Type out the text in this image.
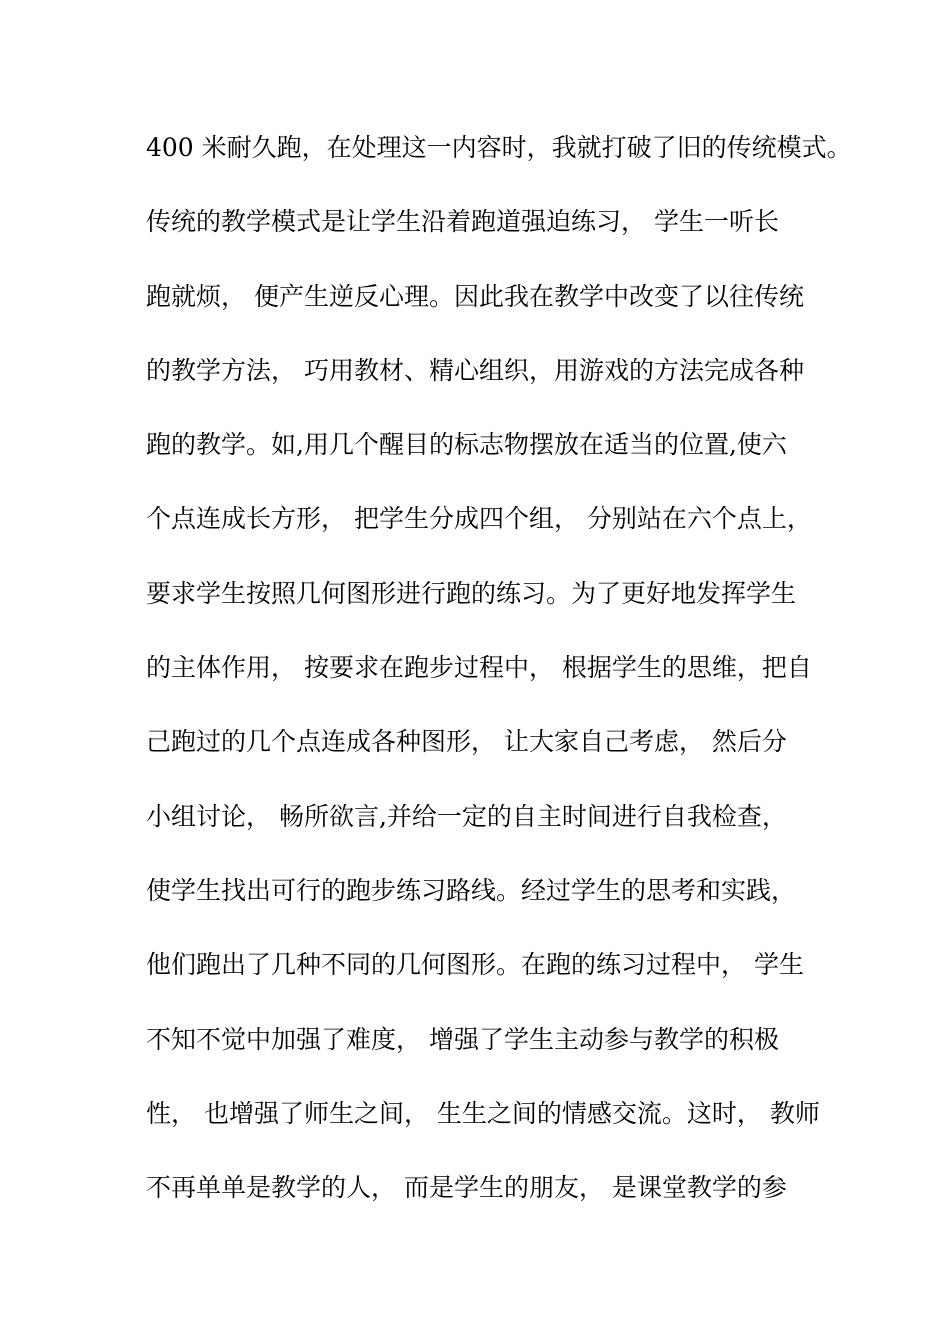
400 米耐久跑，在处理这一内容时，我就打破了旧的传统模式。
传统的教学模式是让学生沿着跑道强迫练习， 学生一听长
跑就烦， 便产生逆反心理。因此我在教学中改变了以往传统
的教学方法， 巧用教材、精心组织，用游戏的方法完成各种
跑的教学。如,用几个醒目的标志物摆放在适当的位置,使六
个点连成长方形， 把学生分成四个组， 分别站在六个点上，
要求学生按照几何图形进行跑的练习。为了更好地发挥学生
的主体作用， 按要求在跑步过程中， 根据学生的思维，把自
己跑过的几个点连成各种图形， 让大家自己考虑， 然后分
小组讨论， 畅所欲言,并给一定的自主时间进行自我检查，
使学生找出可行的跑步练习路线。经过学生的思考和实践，
他们跑出了几种不同的几何图形。在跑的练习过程中， 学生
不知不觉中加强了难度， 增强了学生主动参与教学的积极
性， 也增强了师生之间， 生生之间的情感交流。这时， 教师
不再单单是教学的人， 而是学生的朋友， 是课堂教学的参
